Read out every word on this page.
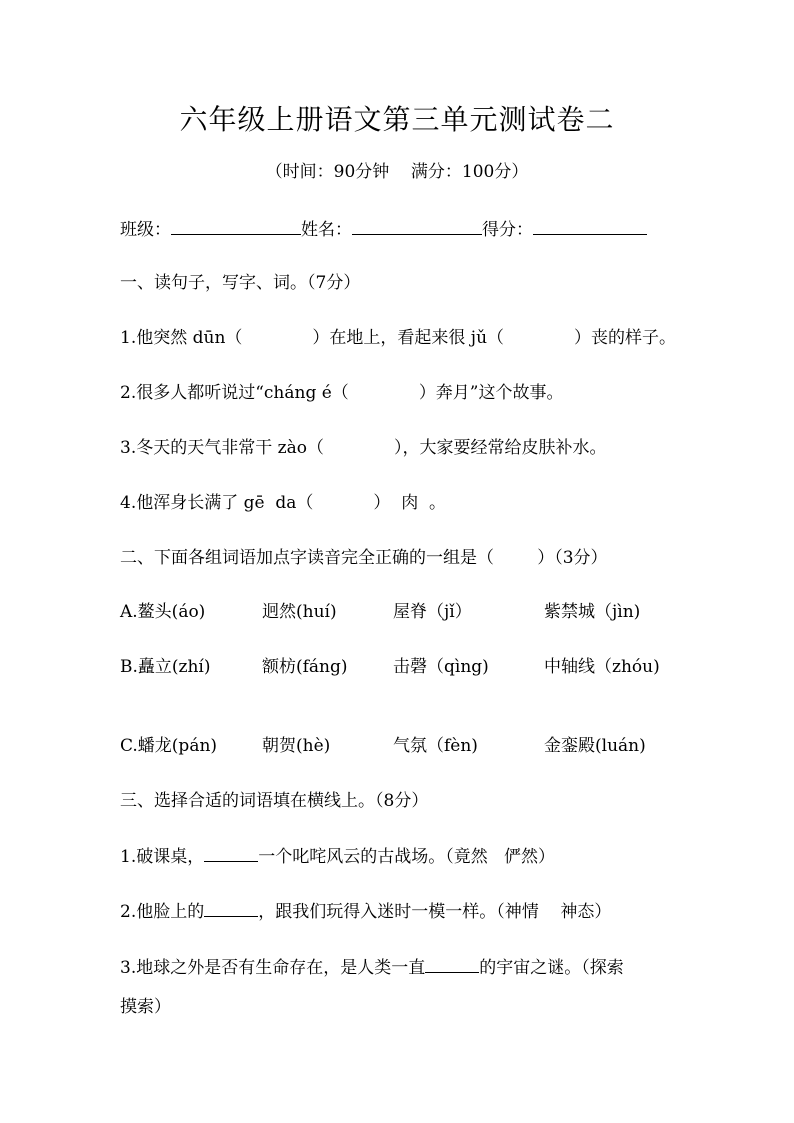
六年级上册语文第三单元测试卷二
（时间：90分钟    满分：100分）
班级：	姓名：	得分：
一、读句子，写字、词。（7分）
1.他突然 dūn（	）在地上，看起来很 jǔ（	）丧的样子。
2.很多人都听说过“cháng é（	）奔月”这个故事。
3.冬天的天气非常干 zào（	），大家要经常给皮肤补水。
4.他浑身长满了 gē  da（	）  肉  。
二、下面各组词语加点字读音完全正确的一组是（        ）（3分）
A.鳌头(áo)	迥然(huí)	屋脊（jǐ）	紫禁城（jìn)
B.矗立(zhí)	额枋(fáng)	击磬（qìng)	中轴线（zhóu)
C.蟠龙(pán)	朝贺(hè)	气氛（fèn)	金銮殿(luán)
三、选择合适的词语填在横线上。（8分）
1.破课桌，	一个叱咤风云的古战场。（竟然   俨然）
2.他脸上的	，跟我们玩得入迷时一模一样。（神情    神态）
3.地球之外是否有生命存在，是人类一直	的宇宙之谜。（探索
摸索）
